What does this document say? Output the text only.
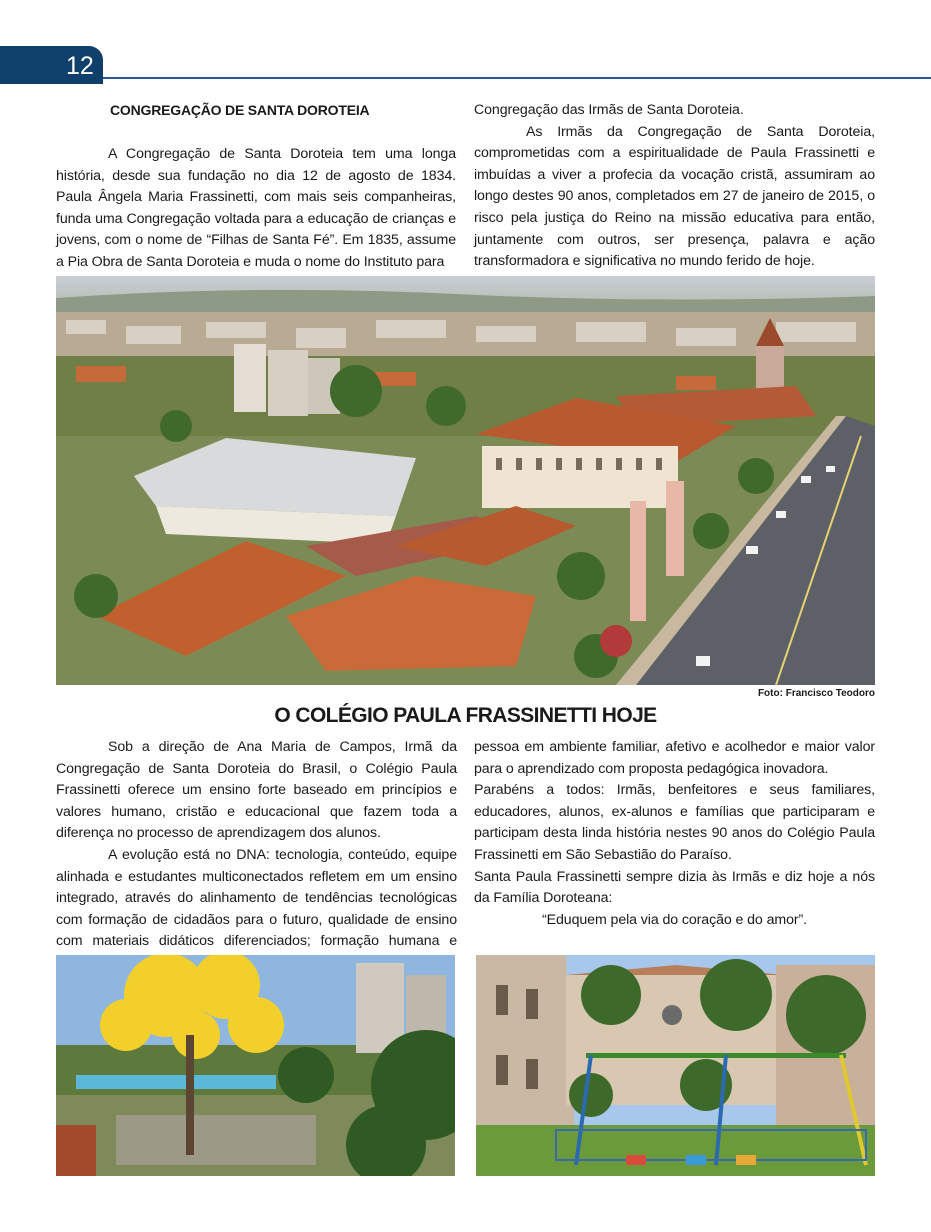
12
CONGREGAÇÃO DE SANTA DOROTEIA

A Congregação de Santa Doroteia tem uma longa história, desde sua fundação no dia 12 de agosto de 1834. Paula Ângela Maria Frassinetti, com mais seis companheiras, funda uma Congregação voltada para a educação de crianças e jovens, com o nome de “Filhas de Santa Fé”. Em 1835, assume a Pia Obra de Santa Doroteia e muda o nome do Instituto para

Congregação das Irmãs de Santa Doroteia.

As Irmãs da Congregação de Santa Doroteia, comprometidas com a espiritualidade de Paula Frassinetti e imbuídas a viver a profecia da vocação cristã, assumiram ao longo destes 90 anos, completados em 27 de janeiro de 2015, o risco pela justiça do Reino na missão educativa para então, juntamente com outros, ser presença, palavra e ação transformadora e significativa no mundo ferido de hoje.

Foto: Francisco Teodoro
O COLÉGIO PAULA FRASSINETTI HOJE

Sob a direção de Ana Maria de Campos, Irmã da Congregação de Santa Doroteia do Brasil, o Colégio Paula Frassinetti oferece um ensino forte baseado em princípios e valores humano, cristão e educacional que fazem toda a diferença no processo de aprendizagem dos alunos.

A evolução está no DNA: tecnologia, conteúdo, equipe alinhada e estudantes multiconectados refletem em um ensino integrado, através do alinhamento de tendências tecnológicas com formação de cidadãos para o futuro, qualidade de ensino com materiais didáticos diferenciados; formação humana e

pessoa em ambiente familiar, afetivo e acolhedor e maior valor para o aprendizado com proposta pedagógica inovadora.

Parabéns a todos: Irmãs, benfeitores e seus familiares, educadores, alunos, ex-alunos e famílias que participaram e participam desta linda história nestes 90 anos do Colégio Paula Frassinetti em São Sebastião do Paraíso.

Santa Paula Frassinetti sempre dizia às Irmãs e diz hoje a nós da Família Doroteana:

“Eduquem pela via do coração e do amor”.
